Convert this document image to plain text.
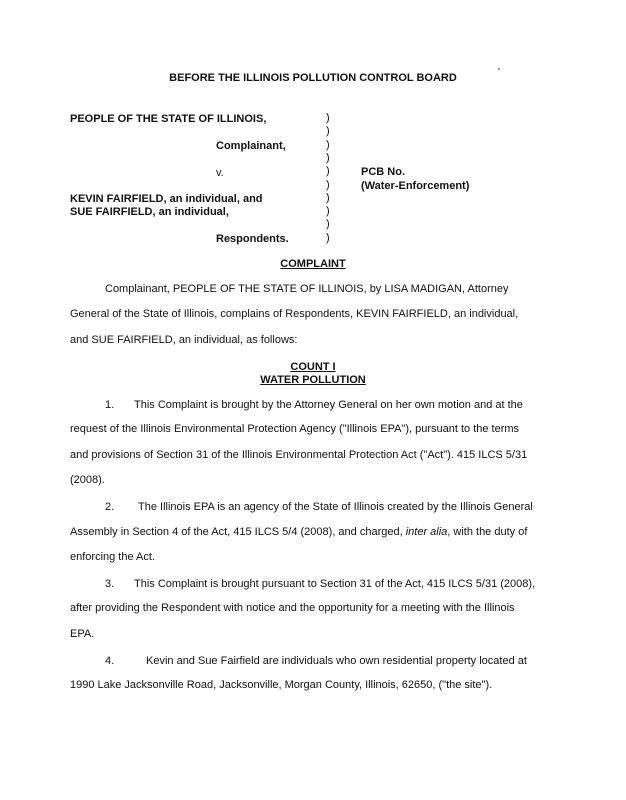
BEFORE THE ILLINOIS POLLUTION CONTROL BOARD
PEOPLE OF THE STATE OF ILLINOIS,
Complainant,
v.
KEVIN FAIRFIELD, an individual, and
SUE FAIRFIELD, an individual,
Respondents.
)
)
)
)
)
)
)
)
)
)
PCB No.
(Water-Enforcement)
COMPLAINT
Complainant, PEOPLE OF THE STATE OF ILLINOIS, by LISA MADIGAN, Attorney
General of the State of Illinois, complains of Respondents, KEVIN FAIRFIELD, an individual,
and SUE FAIRFIELD, an individual, as follows:
COUNT I
WATER POLLUTION
1. This Complaint is brought by the Attorney General on her own motion and at the
request of the Illinois Environmental Protection Agency ("Illinois EPA"), pursuant to the terms
and provisions of Section 31 of the Illinois Environmental Protection Act ("Act"). 415 ILCS 5/31
(2008).
2. The Illinois EPA is an agency of the State of Illinois created by the Illinois General
Assembly in Section 4 of the Act, 415 ILCS 5/4 (2008), and charged, inter alia, with the duty of
enforcing the Act.
3. This Complaint is brought pursuant to Section 31 of the Act, 415 ILCS 5/31 (2008),
after providing the Respondent with notice and the opportunity for a meeting with the Illinois
EPA.
4.	Kevin and Sue Fairfield are individuals who own residential property located at
1990 Lake Jacksonville Road, Jacksonville, Morgan County, Illinois, 62650, ("the site").
